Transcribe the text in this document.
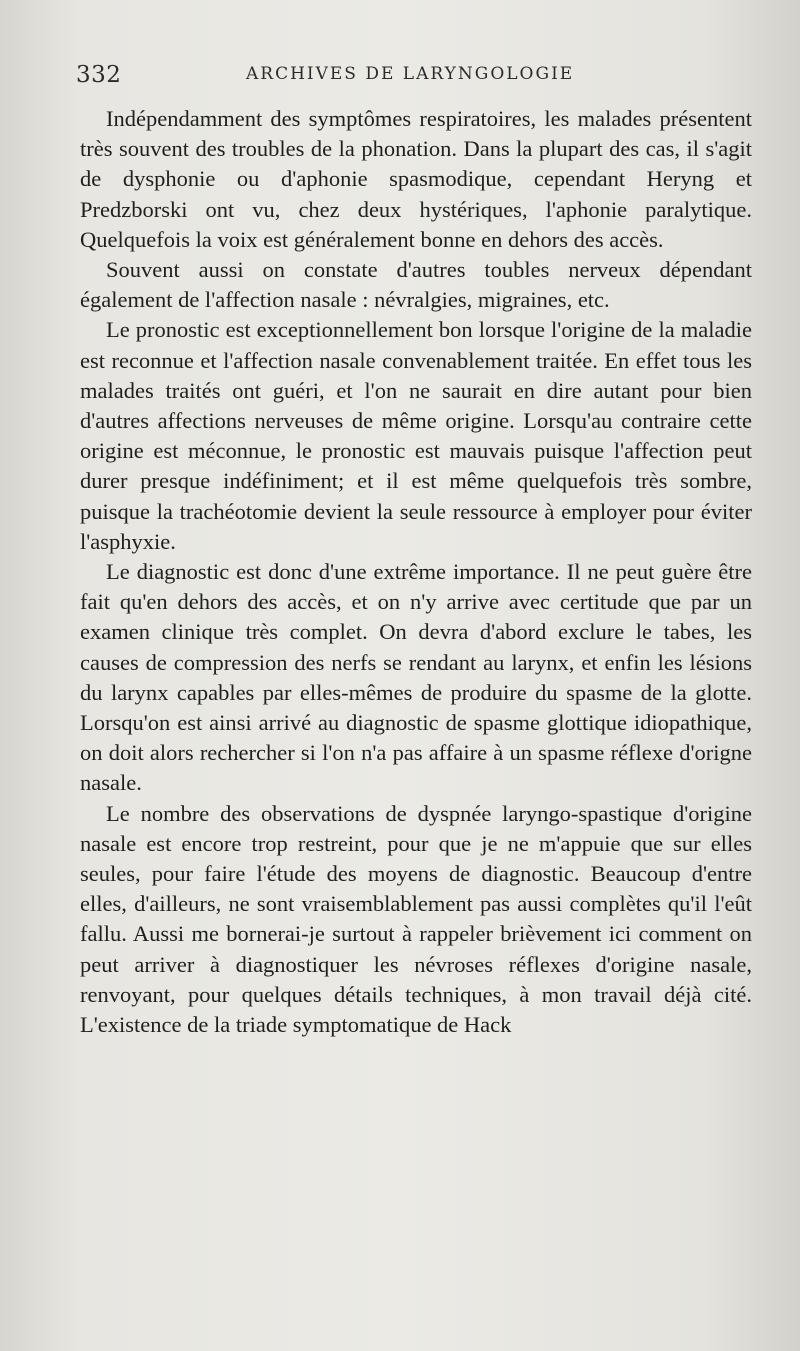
332	ARCHIVES DE LARYNGOLOGIE

Indépendamment des symptômes respiratoires, les malades présentent très souvent des troubles de la phonation. Dans la plupart des cas, il s'agit de dysphonie ou d'aphonie spasmodique, cependant Heryng et Predzborski ont vu, chez deux hystériques, l'aphonie paralytique. Quelquefois la voix est généralement bonne en dehors des accès.

Souvent aussi on constate d'autres toubles nerveux dépendant également de l'affection nasale : névralgies, migraines, etc.

Le pronostic est exceptionnellement bon lorsque l'origine de la maladie est reconnue et l'affection nasale convenablement traitée. En effet tous les malades traités ont guéri, et l'on ne saurait en dire autant pour bien d'autres affections nerveuses de même origine. Lorsqu'au contraire cette origine est méconnue, le pronostic est mauvais puisque l'affection peut durer presque indéfiniment; et il est même quelquefois très sombre, puisque la trachéotomie devient la seule ressource à employer pour éviter l'asphyxie.

Le diagnostic est donc d'une extrême importance. Il ne peut guère être fait qu'en dehors des accès, et on n'y arrive avec certitude que par un examen clinique très complet. On devra d'abord exclure le tabes, les causes de compression des nerfs se rendant au larynx, et enfin les lésions du larynx capables par elles-mêmes de produire du spasme de la glotte. Lorsqu'on est ainsi arrivé au diagnostic de spasme glottique idiopathique, on doit alors rechercher si l'on n'a pas affaire à un spasme réflexe d'origne nasale.

Le nombre des observations de dyspnée laryngo-spastique d'origine nasale est encore trop restreint, pour que je ne m'appuie que sur elles seules, pour faire l'étude des moyens de diagnostic. Beaucoup d'entre elles, d'ailleurs, ne sont vraisemblablement pas aussi complètes qu'il l'eût fallu. Aussi me bornerai-je surtout à rappeler brièvement ici comment on peut arriver à diagnostiquer les névroses réflexes d'origine nasale, renvoyant, pour quelques détails techniques, à mon travail déjà cité. L'existence de la triade symptomatique de Hack
